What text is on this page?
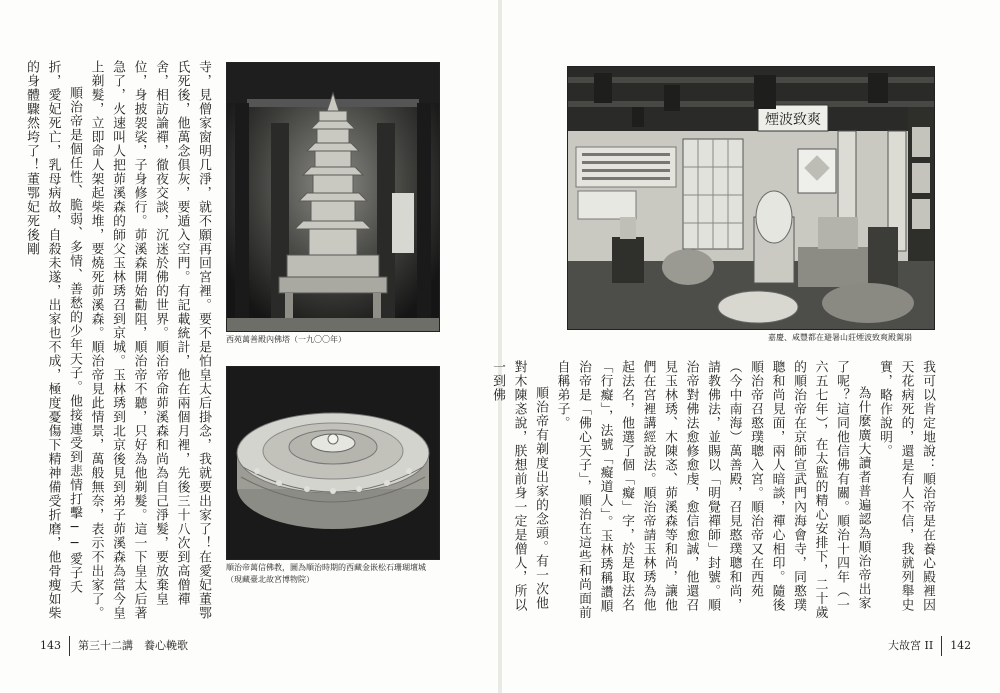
寺，見僧家窗明几淨，就不願再回宮裡。要不是怕皇太后掛念，我就要出家了！在愛妃董鄂氏死後，他萬念俱灰，要遁入空門。有記載統計，他在兩個月裡，先後三十八次到高僧禪舍，相訪論禪，徹夜交談，沉迷於佛的世界。順治帝命茆溪森和尚為自己淨髮，要放棄皇位，身披袈裟，子身修行。茆溪森開始勸阻，順治帝不聽，只好為他剃髮。這一下皇太后著急了，火速叫人把茆溪森的師父玉林琇召到京城。玉林琇到北京後見到弟子茆溪森為當今皇上剃髮，立即命人架起柴堆，要燒死茆溪森。順治帝見此情景，萬般無奈，表示不出家了。

順治帝是個任性、脆弱、多情、善愁的少年天子。他接連受到悲情打擊──愛子夭折，愛妃死亡，乳母病故，自殺未遂，出家也不成，極度憂傷下精神備受折磨，他骨瘦如柴的身體驟然垮了！董鄂妃死後剛

西苑萬善殿內佛塔（一九〇〇年）
順治帝萬信佛教，圖為順治時期的西藏金嵌松石珊瑚壇城
（現藏臺北故宮博物院）
143 第三十二講　養心輓歌
煙波致爽
嘉慶、咸豐都在避暑山莊煙波致爽殿駕崩

我可以肯定地說：順治帝是在養心殿裡因天花病死的，還是有人不信，我就列舉史實，略作說明。

為什麼廣大讀者普遍認為順治帝出家了呢？這同他信佛有關。順治十四年（一六五七年），在太監的精心安排下，二十歲的順治帝在京師宣武門內海會寺，同憨璞聰和尚見面，兩人暗談，禪心相印。隨後順治帝召憨璞聰入宮。順治帝又在西苑（今中南海）萬善殿，召見憨璞聰和尚，請教佛法，並賜以「明覺禪師」封號。順治帝對佛法愈修愈虔，愈信愈誠，他還召見玉林琇、木陳忞、茆溪森等和尚，讓他們在宮裡講經說法。順治帝請玉林琇為他起法名，他選了個「癡」字，於是取法名「行癡」，法號「癡道人」。玉林琇稱讚順治帝是「佛心天子」，順治在這些和尚面前自稱弟子。

順治帝有剃度出家的念頭。有一次他對木陳忞說，朕想前身一定是僧人，所以一到佛

大故宮 II 142
